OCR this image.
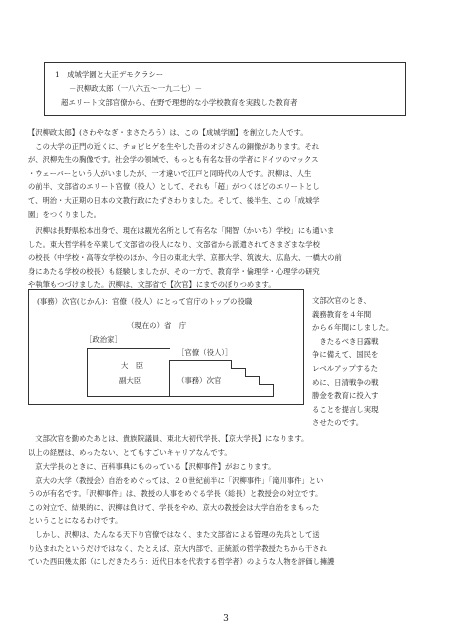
1　成城学園と大正デモクラシー
－沢柳政太郎（一八六五～一九二七）－
超エリート文部官僚から、在野で理想的な小学校教育を実践した教育者

【沢柳政太郎】(さわやなぎ・まさたろう）は、この【成城学園】を創立した人です。
　この大学の正門の近くに、チョビヒゲを生やした昔のオジさんの銅像があります。それ
が、沢柳先生の胸像です。社会学の領域で、もっとも有名な昔の学者にドイツのマックス
・ウェーバーという人がいましたが、一才違いで江戸と同時代の人です。沢柳は、人生
の前半、文部省のエリート官僚（役人）として、それも「超」がつくほどのエリートとし
て、明治・大正期の日本の文教行政にたずさわりました。そして、後半生、この「成城学
園」をつくりました。

　沢柳は長野県松本出身で、現在は観光名所として有名な「開智（かいち）学校」にも通いま
した。東大哲学科を卒業して文部省の役人になり、文部省から派遣されてさまざまな学校
の校長（中学校・高等女学校のほか、今日の東北大学、京都大学、筑波大、広島大、一橋大の前
身にあたる学校の校長）も経験しましたが、その一方で、教育学・倫理学・心理学の研究
や執筆もつづけました。沢柳は、文部省で【次官】にまでのぼりつめます。

(事務）次官(じかん)：官僚（役人）にとって官庁のトップの役職
（現在の）省　庁
［政治家］
［官僚（役人）］
大　臣
副大臣	（事務）次官
文部次官のとき、
義務教育を４年間
から６年間にしました。
　きたるべき日露戦
争に備えて、国民を
レベルアップするた
めに、日清戦争の戦
勝金を教育に投入す
ることを提言し実現
させたのです。

　文部次官を勤めたあとは、貴族院議員、東北大初代学長、【京大学長】になります。
以上の経歴は、めったない、とてもすごいキャリアなんです。

　京大学長のときに、百科事典にものっている【沢柳事件】がおこります。
　京大の大学（教授会）自治をめぐっては、２０世紀前半に「沢柳事件」「滝川事件」とい
うのが有名です。「沢柳事件」は、教授の人事をめぐる学長（総長）と教授会の対立です。
この対立で、結果的に、沢柳は負けて、学長をやめ、京大の教授会は大学自治をまもった
ということになるわけです。
　しかし、沢柳は、たんなる天下り官僚ではなく、また文部省による管理の先兵として送
り込まれたというだけではなく、たとえば、京大内部で、正統派の哲学教授たちから干され
ていた西田幾太郎（にしだきたろう：近代日本を代表する哲学者）のような人物を評価し擁護

3
